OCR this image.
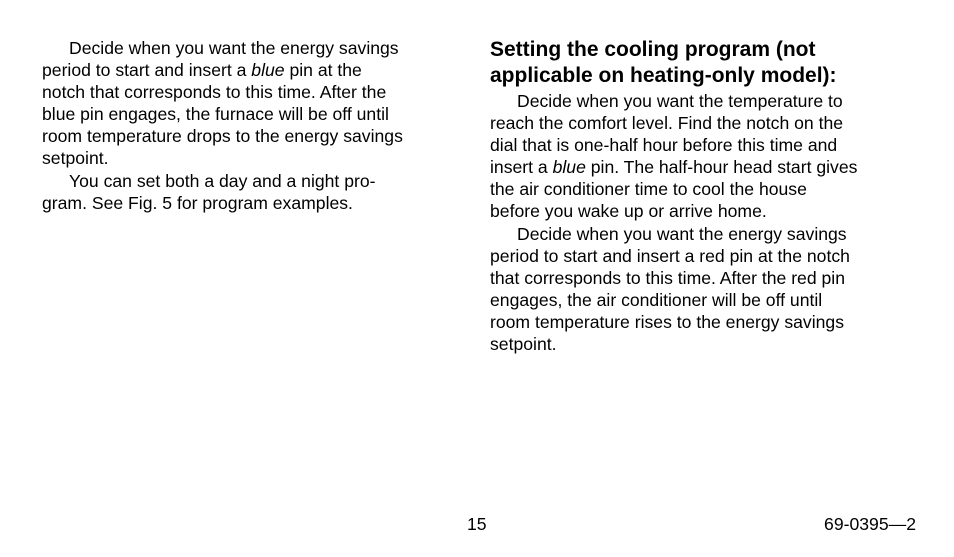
Decide when you want the energy savings
period to start and insert a blue pin at the
notch that corresponds to this time. After the
blue pin engages, the furnace will be off until
room temperature drops to the energy savings
setpoint.

You can set both a day and a night pro-
gram. See Fig. 5 for program examples.

Setting the cooling program (not
applicable on heating-only model):

Decide when you want the temperature to
reach the comfort level. Find the notch on the
dial that is one-half hour before this time and
insert a blue pin. The half-hour head start gives
the air conditioner time to cool the house
before you wake up or arrive home.

Decide when you want the energy savings
period to start and insert a red pin at the notch
that corresponds to this time. After the red pin
engages, the air conditioner will be off until
room temperature rises to the energy savings
setpoint.

15	69-0395—2
